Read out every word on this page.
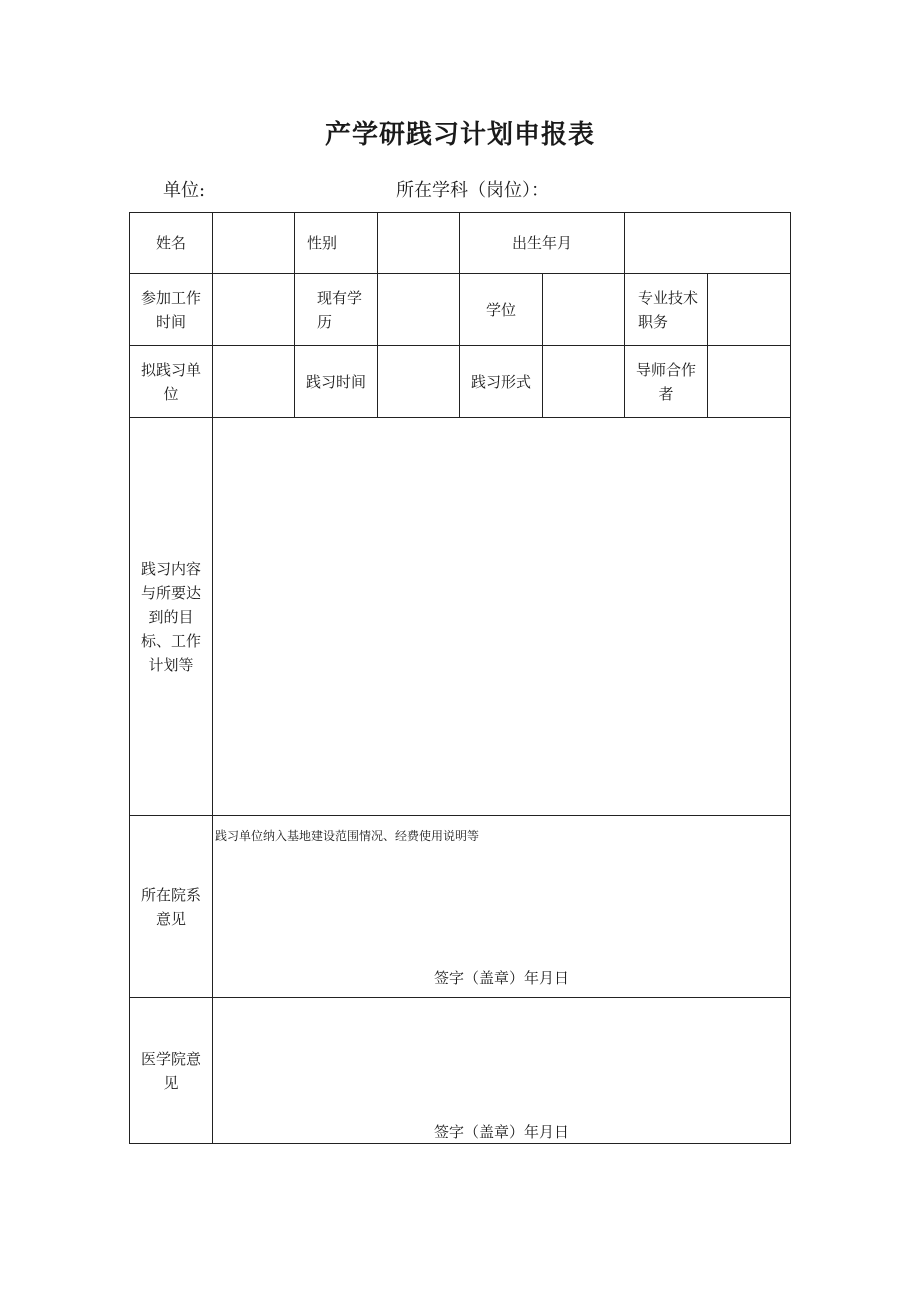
产学研践习计划申报表
单位:	所在学科（岗位）：
姓名		性别		出生年月			
参加工作时间		现有学历		学位		专业技术职务	
拟践习单位		践习时间		践习形式		导师合作者	
践习内容与所要达到的目标、工作计划等							
所在院系意见	践习单位纳入基地建设范围情况、经费使用说明等
签字（盖章）年月日						

医学院意见	签字（盖章）年月日						
